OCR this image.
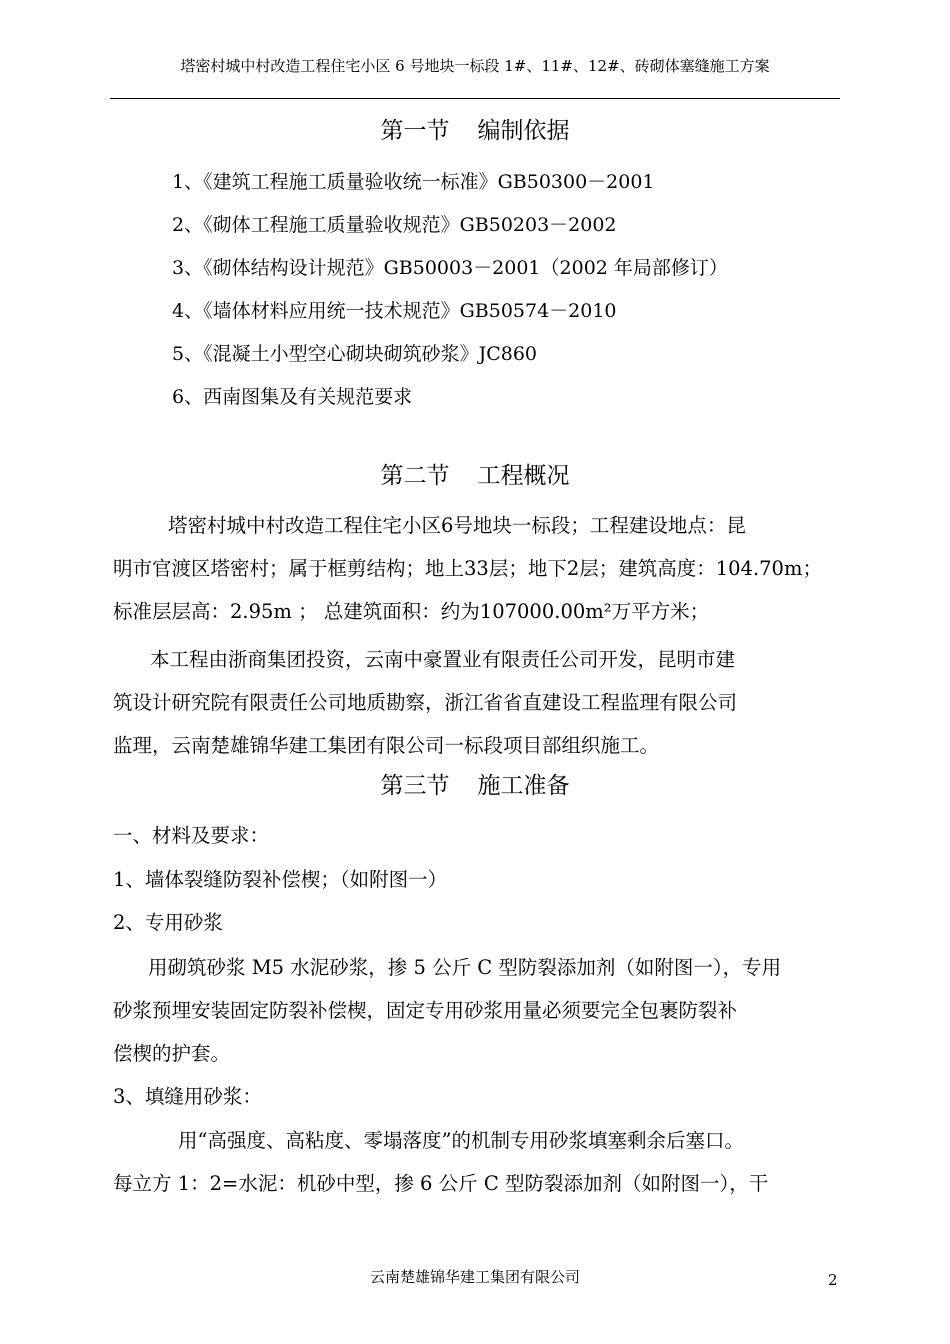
塔密村城中村改造工程住宅小区 6 号地块一标段 1#、11#、12#、砖砌体塞缝施工方案
第一节 编制依据
1、《建筑工程施工质量验收统一标准》GB50300－2001
2、《砌体工程施工质量验收规范》GB50203－2002
3、《砌体结构设计规范》GB50003－2001（2002 年局部修订）
4、《墙体材料应用统一技术规范》GB50574－2010
5、《混凝土小型空心砌块砌筑砂浆》JC860
6、西南图集及有关规范要求
第二节 工程概况
塔密村城中村改造工程住宅小区6号地块一标段；工程建设地点：昆
明市官渡区塔密村；属于框剪结构；地上33层；地下2层；建筑高度：104.70m；
标准层层高：2.95m ； 总建筑面积：约为107000.00m²万平方米；
本工程由浙商集团投资，云南中豪置业有限责任公司开发，昆明市建
筑设计研究院有限责任公司地质勘察，浙江省省直建设工程监理有限公司
监理，云南楚雄锦华建工集团有限公司一标段项目部组织施工。
第三节 施工准备
一、材料及要求：
1、墙体裂缝防裂补偿楔；（如附图一）
2、专用砂浆
用砌筑砂浆 M5 水泥砂浆，掺 5 公斤 C 型防裂添加剂（如附图一），专用
砂浆预埋安装固定防裂补偿楔，固定专用砂浆用量必须要完全包裹防裂补
偿楔的护套。
3、填缝用砂浆：
用“高强度、高粘度、零塌落度”的机制专用砂浆填塞剩余后塞口。
每立方 1：2=水泥：机砂中型，掺 6 公斤 C 型防裂添加剂（如附图一），干
云南楚雄锦华建工集团有限公司	2
